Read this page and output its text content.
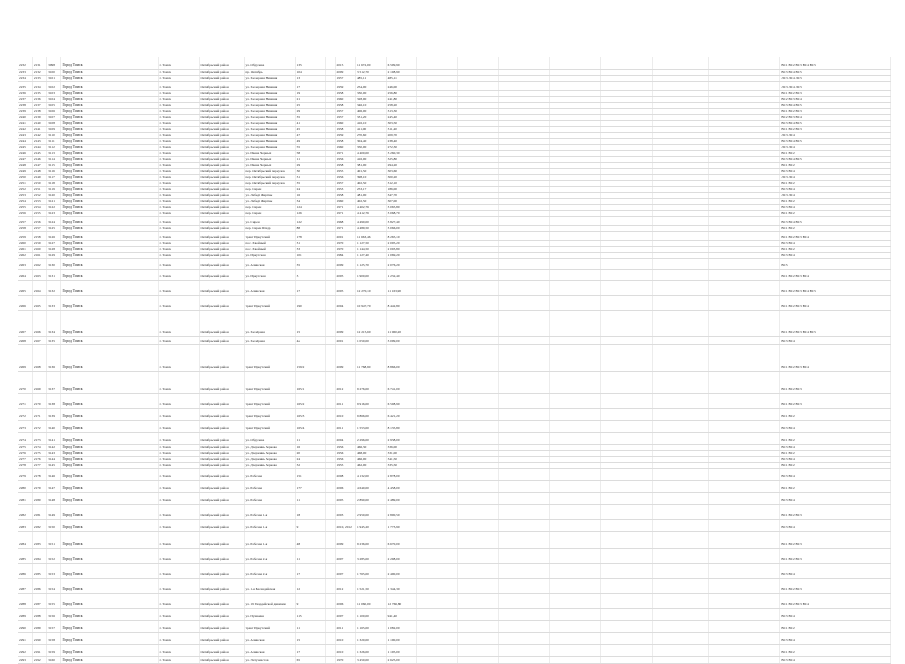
2232	2131	3098	Город Томск	г. Томск	Октябрьский район	ул. Обручева	135		2015	11 672,00	6 509,90								ВС1 ВС2 ВС3 ВС4 ВС5
2233	2132	3100	Город Томск	г. Томск	Октябрьский район	пр. Октябрь	104		2009	3 512,70	2 108,90								ВС3 ВС4 ВС5
2234	2133	3101	Город Томск	г. Томск	Октябрьский район	ул. Заозерная Нижняя	13		1957	485,11	485,11								ЛС3 ЛС4 ЛС5
2235	2134	3102	Город Томск	г. Томск	Октябрьский район	ул. Заозерная Нижняя	17		1959	254,00	246,00								ЛС3 ЛС4 ЛС5
2236	2135	3103	Город Томск	г. Томск	Октябрьский район	ул. Заозерная Нижняя	19		1958	330,00	256,80								ВС1 ВС2 ВС3
2237	2136	3104	Город Томск	г. Томск	Октябрьский район	ул. Заозерная Нижняя	21		1960	328,90	241,80								ВС2 ВС3 ВС4
2238	2137	3105	Город Томск	г. Томск	Октябрьский район	ул. Заозерная Нижняя	25		1958	346,10	258,20								ВС3 ВС4 ВС5
2239	2138	3106	Город Томск	г. Томск	Октябрьский район	ул. Заозерная Нижняя	29		1957	406,00	313,30								ВС1 ВС2 ВС3
2240	2139	3107	Город Томск	г. Томск	Октябрьский район	ул. Заозерная Нижняя	35		1957	331,20	245,40								ВС2 ВС3 ВС4
2241	2140	3108	Город Томск	г. Томск	Октябрьский район	ул. Заозерная Нижняя	41		1960	416,10	303,50								ВС3 ВС4 ВС5
2242	2141	3109	Город Томск	г. Томск	Октябрьский район	ул. Заозерная Нижняя	45		1958	411,00	311,40								ВС1 ВС2 ВС3
2243	2142	3110	Город Томск	г. Томск	Октябрьский район	ул. Заозерная Нижняя	47		1959	270,60	209,70								ЛС3 ЛС4
2244	2143	3111	Город Томск	г. Томск	Октябрьский район	ул. Заозерная Нижняя	49		1958	304,40	238,40								ВС3 ВС4 ВС5
2245	2144	3112	Город Томск	г. Томск	Октябрьский район	ул. Заозерная Нижняя	55		1960	350,00	272,30								ЛС3 ЛС4
2246	2145	3113	Город Томск	г. Томск	Октябрьский район	ул. Ивана Черных	58		1971	4 400,00	3 260,30								ВС1 ВС2
2247	2146	3114	Город Томск	г. Томск	Октябрьский район	ул. Ивана Черных	11		1956	416,00	325,80								ВС3 ВС4 ВС5
2248	2147	3115	Город Томск	г. Томск	Октябрьский район	ул. Ивана Черных	29		1958	381,00	294,20								ВС1 ВС2
2249	2148	3116	Город Томск	г. Томск	Октябрьский район	пер. Октябрьский переулок	30		1955	401,50	303,60								ВС3 ВС4
2250	2149	3117	Город Томск	г. Томск	Октябрьский район	пер. Октябрьский переулок	31		1956	398,10	300,20								ЛС3 ЛС4
2251	2150	3118	Город Томск	г. Томск	Октябрьский район	пер. Октябрьский переулок	35		1957	402,50	312,10								ВС1 ВС2
2252	2151	3119	Город Томск	г. Томск	Октябрьский район	пер. Сирен	24		1953	253,17	186,00								ВС3 ВС4
2253	2152	3120	Город Томск	г. Томск	Октябрьский район	ул. Лебеді Жертвы	16		1958	481,00	347,70								ЛС3 ЛС4
2254	2153	3121	Город Томск	г. Томск	Октябрьский район	ул. Лебеді Жертвы	34		1960	402,50	307,00								ВС1 ВС2
2255	2154	3122	Город Томск	г. Томск	Октябрьский район	пер. Сирен	124		1971	4 402,76	3 065,80								ВС3 ВС4
2256	2155	3123	Город Томск	г. Томск	Октябрьский район	пер. Сирен	126		1971	4 412,76	3 068,70								ВС1 ВС2
2257	2156	3124	Город Томск	г. Томск	Октябрьский район	ул. Сирен	122		1968	4 490,00	3 827,40								ВС3 ВС4 ВС5
2258	2157	3125	Город Томск	г. Томск	Октябрьский район	пер. Сирен Шадр	88		1971	4 489,50	3 066,00								ВС1 ВС2
2259	2158	3126	Город Томск	г. Томск	Октябрьский район	тракт Иркутский	178		2001	11 663,46	8 265,10								ВС1 ВС2 ВС3 ВС4
2260	2159	3127	Город Томск	г. Томск	Октябрьский район	пос. Хвойный	31		1970	1 127,50	2 095,20								ВС3 ВС4
2261	2160	3128	Город Томск	г. Томск	Октябрьский район	пос. Хвойный	33		1970	1 144,50	2 093,80								ВС1 ВС2
2262	2161	3129	Город Томск	г. Томск	Октябрьский район	ул. Иркутская	101		1984	1 127,40	1 069,20								ВС3 ВС4
2263	2162	3130	Город Томск	г. Томск	Октябрьский район	ул. Ачинская	35		2009	1 125,70	2 076,20								ВС5
2264	2163	3131	Город Томск	г. Томск	Октябрьский район	ул. Иркутская	3		2005	1 900,00	1 232,40								ВС1 ВС2 ВС3 ВС4
2265	2164	3132	Город Томск	г. Томск	Октябрьский район	ул. Ачинская	17		2005	12 270,10	11 163,90								ВС1 ВС2 ВС3 ВС4 ВС5
2266	2165	3133	Город Томск	г. Томск	Октябрьский район	тракт Иркутский	190		2004	10 947,70	8 442,80								ВС1 ВС2 ВС3 ВС4
2267	2166	3134	Город Томск	г. Томск	Октябрьский район	ул. Заозёрная	15		2009	12 215,60	11 060,20								ВС1 ВС2 ВС3 ВС4 ВС5
2268	2167	3135	Город Томск	г. Томск	Октябрьский район	ул. Заозёрная	4а		2001	1 050,00	3 099,00								ВС3 ВС4
2269	2168	3136	Город Томск	г. Томск	Октябрьский район	тракт Иркутский	159/2		2009	11 768,90	8 866,00								ВС1 ВС2 ВС3 ВС4
2270	2169	3137	Город Томск	г. Томск	Октябрьский район	тракт Иркутский	165/1		2012	9 276,00	6 741,00								ВС1 ВС2 ВС3
2271	2170	3138	Город Томск	г. Томск	Октябрьский район	тракт Иркутский	165/2		2011	9 916,00	6 508,90								ВС1 ВС2 ВС3
2272	2171	3139	Город Томск	г. Томск	Октябрьский район	тракт Иркутский	165/3		2010	9 866,00	6 421,20								ВС1 ВС2
2273	2172	3140	Город Томск	г. Томск	Октябрьский район	тракт Иркутский	165/4		2011	1 553,00	8 135,80								ВС3 ВС4
2274	2173	3141	Город Томск	г. Томск	Октябрьский район	ул. Обручева	11		2004	2 296,00	2 938,00								ВС1 ВС2
2275	2174	3142	Город Томск	г. Томск	Октябрьский район	ул. Дзержинь Зеркова	16		1956	466,30	336,00								ВС3 ВС4
2276	2175	3143	Город Томск	г. Томск	Октябрьский район	ул. Дзержинь Зеркова	20		1956	468,00	331,00								ВС1 ВС2
2277	2176	3144	Город Томск	г. Томск	Октябрьский район	ул. Дзержинь Зеркова	24		1956	466,00	341,50								ВС3 ВС4
2278	2177	3145	Город Томск	г. Томск	Октябрьский район	ул. Дзержинь Зеркова	32		1955	462,00	335,50								ВС1 ВС2
2279	2178	3146	Город Томск	г. Томск	Октябрьский район	ул. Рабочая	151		2008	4 132,00	2 878,00								ВС3 ВС4
2280	2179	3147	Город Томск	г. Томск	Октябрьский район	ул. Рабочая	177		2006	4 640,00	4 458,00								ВС1 ВС2
2281	2180	3148	Город Томск	г. Томск	Октябрьский район	ул. Рабочая	11		2005	2 890,00	2 489,00								ВС3 ВС4
2282	2181	3149	Город Томск	г. Томск	Октябрьский район	ул. Рабочая 1-я	18		2003	2 950,00	2 800,50								ВС1 ВС2 ВС3
2283	2182	3150	Город Томск	г. Томск	Октябрьский район	ул. Рабочая 1-я	9		2010, 2012	1 945,20	1 773,90								ВС3 ВС4
2284	2183	3151	Город Томск	г. Томск	Октябрьский район	ул. Рабочая 1-я	48		2009	9 236,00	6 670,00								ВС1 ВС2 ВС3
2285	2184	3152	Город Томск	г. Томск	Октябрьский район	ул. Рабочая 2-я	11		2007	3 285,00	2 298,00								ВС1 ВС2 ВС3
2286	2185	3153	Город Томск	г. Томск	Октябрьский район	ул. Рабочая 2-я	17		2007	1 765,00	2 490,00								ВС3 ВС4
2287	2186	3154	Город Томск	г. Томск	Октябрьский район	ул. 1-я Басандайская	12		2012	1 521,50	1 344,30								ВС1 ВС2 ВС3
2288	2187	3155	Город Томск	г. Томск	Октябрьский район	ул. 19 Гвардейской дивизии	9		2006	11 060,00	12 766,80								ВС1 ВС2 ВС3 ВС4
2289	2188	3156	Город Томск	г. Томск	Октябрьский район	ул. Пушкина	115		2007	1 100,00	941,40								ВС3 ВС4
2290	2189	3157	Город Томск	г. Томск	Октябрьский район	тракт Иркутский	11		2011	1 165,00	1 082,00								ВС1 ВС2
2291	2190	3158	Город Томск	г. Томск	Октябрьский район	ул. Ачинская	15		2010	1 320,00	1 190,00								ВС3 ВС4
2292	2191	3159	Город Томск	г. Томск	Октябрьский район	ул. Ачинская	17		2010	1 326,00	1 195,00								ВС1 ВС2
2293	2192	3160	Город Томск	г. Томск	Октябрьский район	ул. Энтузиастов	65		1970	3 450,00	2 625,00								ВС3 ВС4
